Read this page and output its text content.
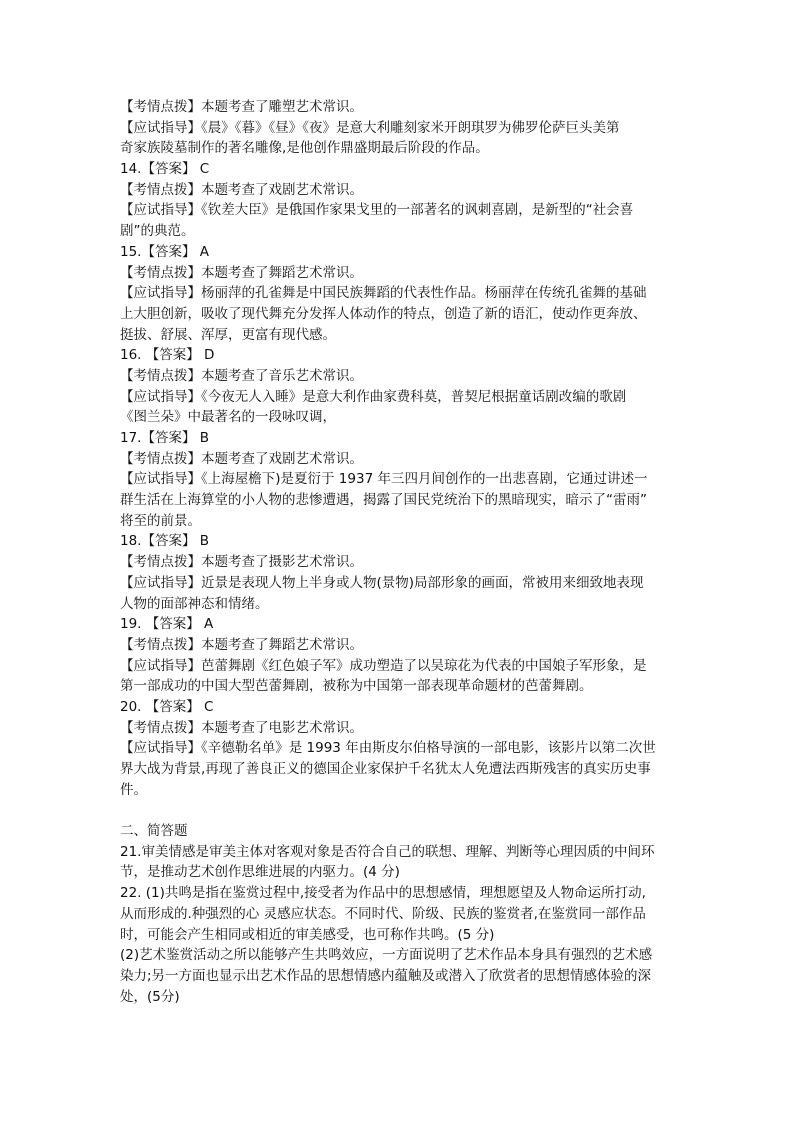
【考情点拨】本题考查了雕塑艺术常识。
【应试指导】《晨》《暮》《昼》《夜》是意大利雕刻家米开朗琪罗为佛罗伦萨巨头美第
奇家族陵墓制作的著名雕像,是他创作鼎盛期最后阶段的作品。
14.【答案】 C
【考情点拨】本题考查了戏剧艺术常识。
【应试指导】《钦差大臣》是俄国作家果戈里的一部著名的讽刺喜剧，是新型的“社会喜
剧”的典范。
15.【答案】 A
【考情点拨】本题考查了舞蹈艺术常识。
【应试指导】杨丽萍的孔雀舞是中国民族舞蹈的代表性作品。杨丽萍在传统孔雀舞的基础
上大胆创新，吸收了现代舞充分发挥人体动作的特点，创造了新的语汇，使动作更奔放、
挺拔、舒展、浑厚，更富有现代感。
16. 【答案】 D
【考情点拨】本题考查了音乐艺术常识。
【应试指导】《今夜无人入睡》是意大利作曲家费科莫，普契尼根据童话剧改编的歌剧
《图兰朵》中最著名的一段咏叹调，
17.【答案】 B
【考情点拨】本题考查了戏剧艺术常识。
【应试指导】《上海屋檐下)是夏衍于 1937 年三四月间创作的一出悲喜剧，它通过讲述一
群生活在上海算堂的小人物的悲惨遭遇，揭露了国民党统治下的黑暗现实，暗示了“雷雨”
将至的前景。
18.【答案】 B
【考情点拨】本题考查了摄影艺术常识。
【应试指导】近景是表现人物上半身或人物(景物)局部形象的画面，常被用来细致地表现
人物的面部神态和情绪。
19. 【答案】 A
【考情点拨】本题考查了舞蹈艺术常识。
【应试指导】芭蕾舞剧《红色娘子军》成功塑造了以吴琼花为代表的中国娘子军形象，是
第一部成功的中国大型芭蕾舞剧，被称为中国第一部表现革命题材的芭蕾舞剧。
20. 【答案】 C
【考情点拨】本题考查了电影艺术常识。
【应试指导】《辛德勒名单》是 1993 年由斯皮尔伯格导演的一部电影，该影片以第二次世
界大战为背景,再现了善良正义的德国企业家保护千名犹太人免遭法西斯残害的真实历史事
件。
二、简答题
21.审美情感是审美主体对客观对象是否符合自己的联想、理解、判断等心理因质的中间环
节，是推动艺术创作思维进展的内驱力。(4 分)
22. (1)共鸣是指在鉴赏过程中,接受者为作品中的思想感情，理想愿望及人物命运所打动,
从而形成的.种强烈的心 灵感应状态。不同时代、阶级、民族的鉴赏者,在鉴赏同一部作品
时，可能会产生相同或相近的审美感受，也可称作共鸣。(5 分)
(2)艺术鉴赏活动之所以能够产生共鸣效应，一方面说明了艺术作品本身具有强烈的艺术感
染力;另一方面也显示出艺术作品的思想情感内蕴触及或潜入了欣赏者的思想情感体验的深
处，(5分)
